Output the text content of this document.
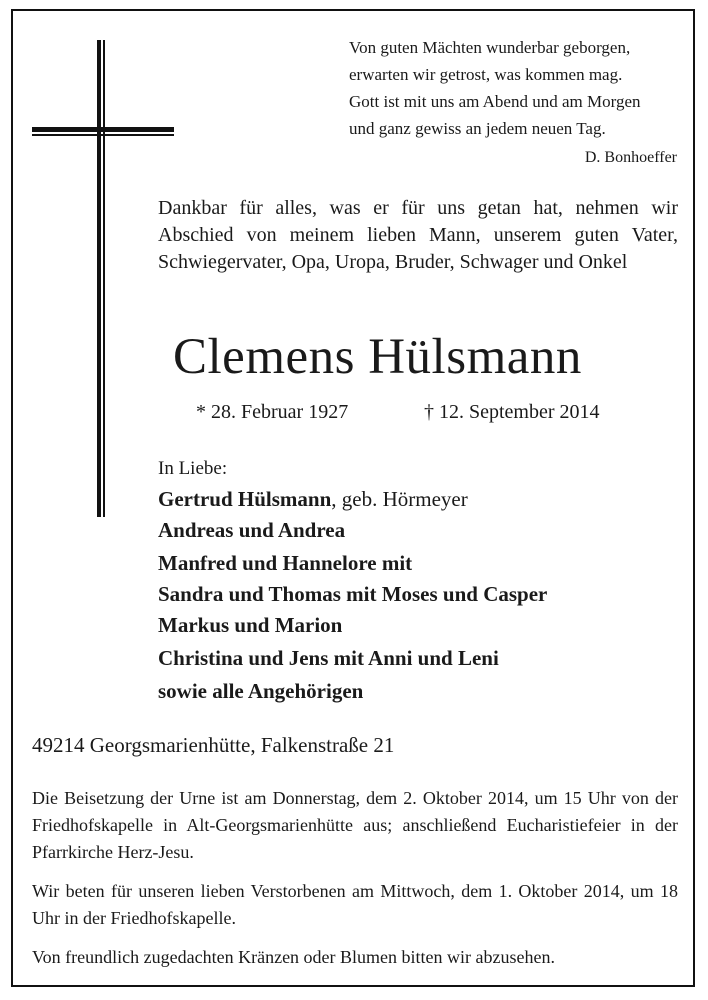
Von guten Mächten wunderbar geborgen,
erwarten wir getrost, was kommen mag.
Gott ist mit uns am Abend und am Morgen
und ganz gewiss an jedem neuen Tag.
D. Bonhoeffer
Dankbar für alles, was er für uns getan hat, nehmen wir Abschied von meinem lieben Mann, unserem guten Vater, Schwiegervater, Opa, Uropa, Bruder, Schwager und Onkel
Clemens Hülsmann
* 28. Februar 1927	† 12. September 2014
In Liebe:
Gertrud Hülsmann, geb. Hörmeyer
Andreas und Andrea
Manfred und Hannelore mit
Sandra und Thomas mit Moses und Casper
Markus und Marion
Christina und Jens mit Anni und Leni
sowie alle Angehörigen
49214 Georgsmarienhütte, Falkenstraße 21
Die Beisetzung der Urne ist am Donnerstag, dem 2. Oktober 2014, um 15 Uhr von der Friedhofskapelle in Alt-Georgsmarienhütte aus; anschließend Eucharistiefeier in der Pfarrkirche Herz-Jesu.
Wir beten für unseren lieben Verstorbenen am Mittwoch, dem 1. Oktober 2014, um 18 Uhr in der Friedhofskapelle.
Von freundlich zugedachten Kränzen oder Blumen bitten wir abzusehen.
